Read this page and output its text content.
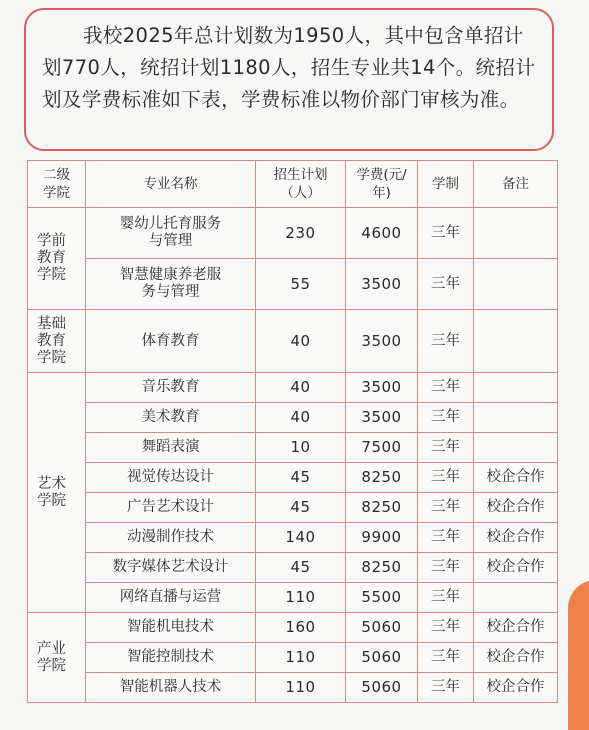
我校2025年总计划数为1950人，其中包含单招计划770人，统招计划1180人，招生专业共14个。统招计划及学费标准如下表，学费标准以物价部门审核为准。
二级学院	专业名称	招生计划（人）	学费(元/年)	学制	备注
学前教育学院	婴幼儿托育服务与管理	230	4600	三年	
	智慧健康养老服务与管理	55	3500	三年	
基础教育学院	体育教育	40	3500	三年	
艺术学院	音乐教育	40	3500	三年	
	美术教育	40	3500	三年	
	舞蹈表演	10	7500	三年	
	视觉传达设计	45	8250	三年	校企合作
	广告艺术设计	45	8250	三年	校企合作
	动漫制作技术	140	9900	三年	校企合作
	数字媒体艺术设计	45	8250	三年	校企合作
	网络直播与运营	110	5500	三年	
产业学院	智能机电技术	160	5060	三年	校企合作
	智能控制技术	110	5060	三年	校企合作
	智能机器人技术	110	5060	三年	校企合作
